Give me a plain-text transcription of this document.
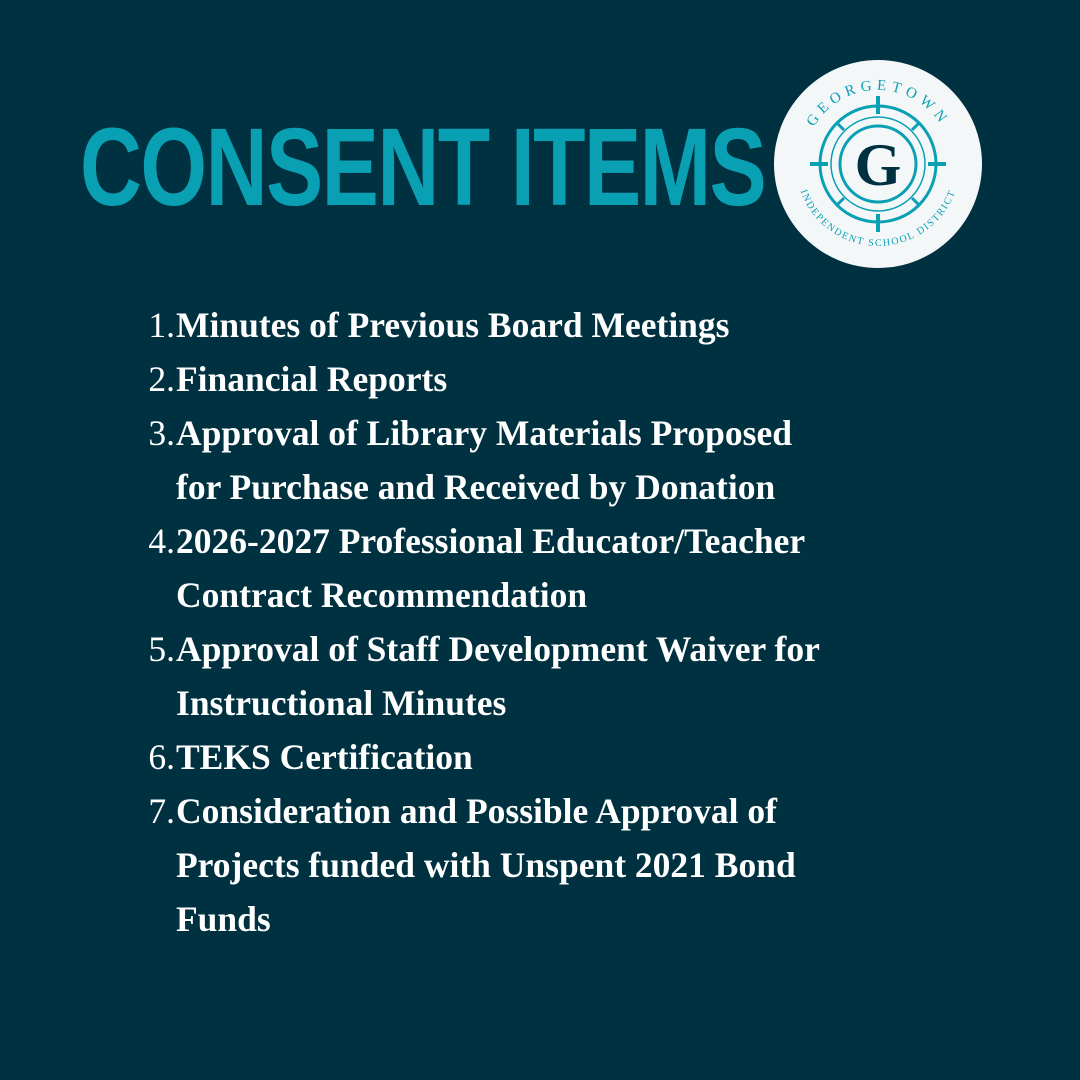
CONSENT ITEMS G
GEORGETOWN
INDEPENDENT SCHOOL DISTRICT
1. Minutes of Previous Board Meetings
2. Financial Reports
3. Approval of Library Materials Proposed
for Purchase and Received by Donation
4. 2026-2027 Professional Educator/Teacher
Contract Recommendation
5. Approval of Staff Development Waiver for
Instructional Minutes
6. TEKS Certification
7. Consideration and Possible Approval of
Projects funded with Unspent 2021 Bond
Funds
